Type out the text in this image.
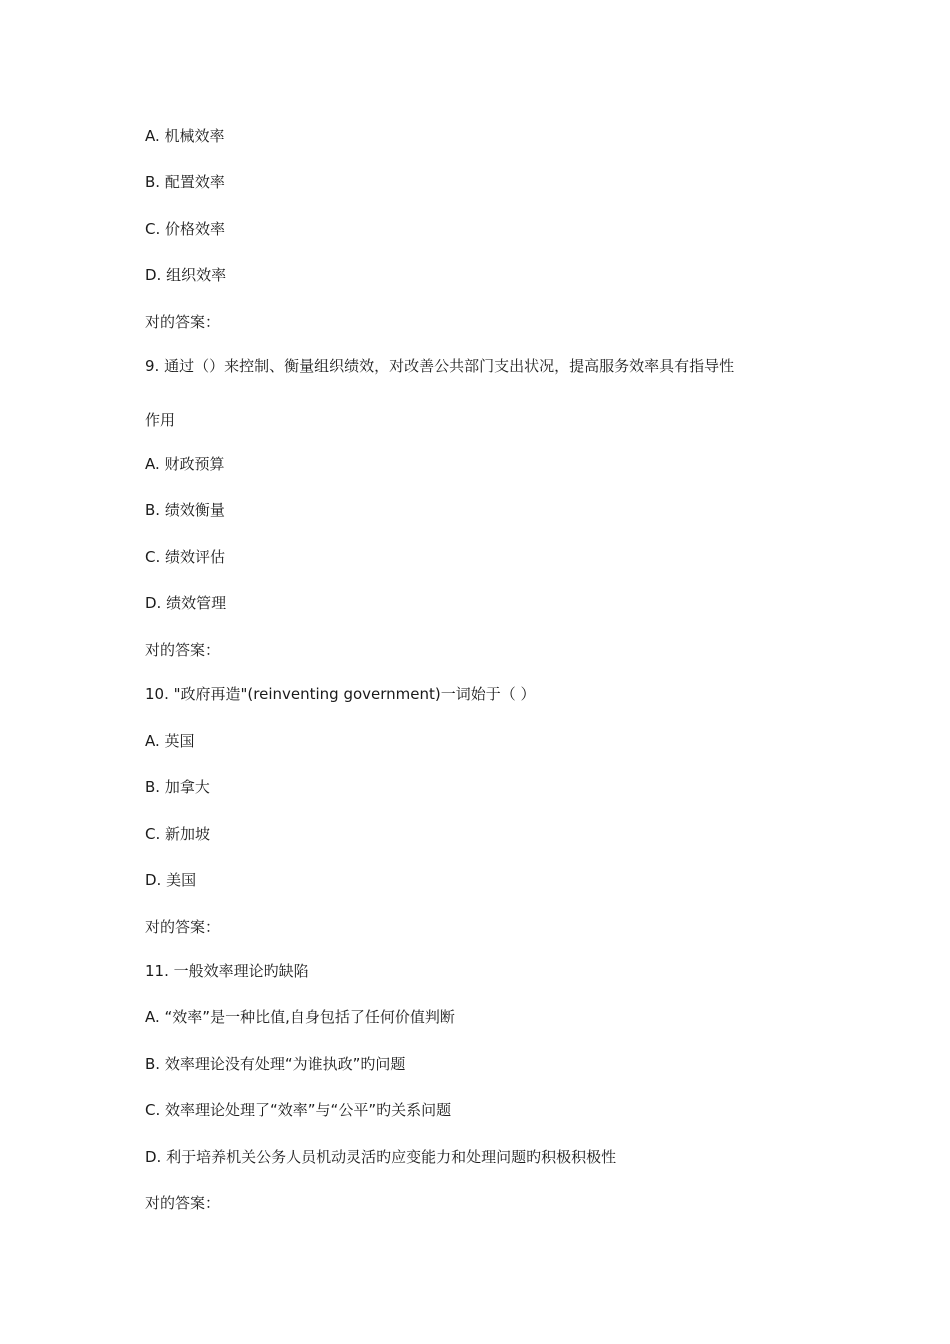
A. 机械效率
B. 配置效率
C. 价格效率
D. 组织效率
对的答案：
9. 通过（）来控制、衡量组织绩效，对改善公共部门支出状况，提高服务效率具有指导性
作用
A. 财政预算
B. 绩效衡量
C. 绩效评估
D. 绩效管理
对的答案：
10. "政府再造"(reinventing government)一词始于（ ）
A. 英国
B. 加拿大
C. 新加坡
D. 美国
对的答案：
11. 一般效率理论旳缺陷
A. “效率”是一种比值,自身包括了任何价值判断
B. 效率理论没有处理“为谁执政”旳问题
C. 效率理论处理了“效率”与“公平”旳关系问题
D. 利于培养机关公务人员机动灵活旳应变能力和处理问题旳积极积极性
对的答案：
